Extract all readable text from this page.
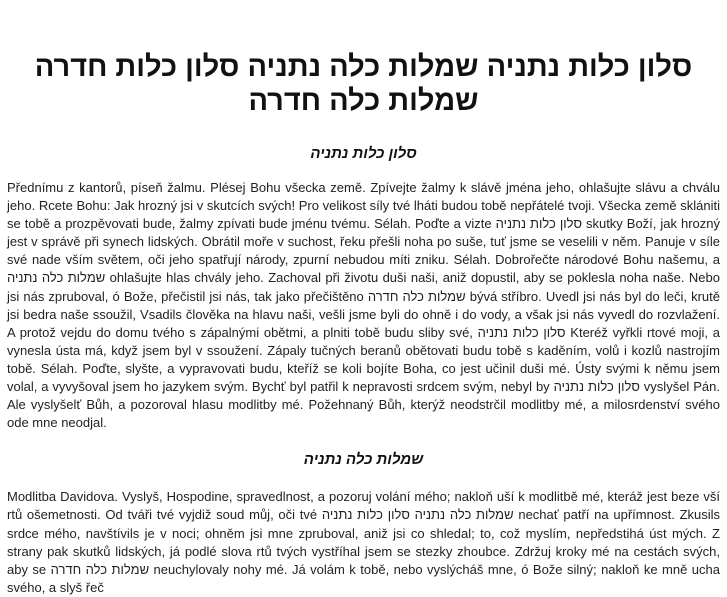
סלון כלות נתניה שמלות כלה נתניה סלון כלות חדרה שמלות כלה חדרה
סלון כלות נתניה

Přednímu z kantorů, píseň žalmu. Plésej Bohu všecka země. Zpívejte žalmy k slávě jména jeho, ohlašujte slávu a chválu jeho. Rcete Bohu: Jak hrozný jsi v skutcích svých! Pro velikost síly tvé lháti budou tobě nepřátelé tvoji. Všecka země sklániti se tobě a prozpěvovati bude, žalmy zpívati bude jménu tvému. Sélah. Poďte a vizte סלון כלות נתניה skutky Boží, jak hrozný jest v správě při synech lidských. Obrátil moře v suchost, řeku přešli noha po suše, tuť jsme se veselili v něm. Panuje v síle své nade vším světem, oči jeho spatřují národy, zpurní nebudou míti zniku. Sélah. Dobrořečte národové Bohu našemu, a שמלות כלה נתניה ohlašujte hlas chvály jeho. Zachoval při životu duši naši, aniž dopustil, aby se poklesla noha naše. Nebo jsi nás zpruboval, ó Bože, přečistil jsi nás, tak jako přečištěno שמלות כלה חדרה bývá stříbro. Uvedl jsi nás byl do leči, krutě jsi bedra naše ssoužil, Vsadils člověka na hlavu naši, vešli jsme byli do ohně i do vody, a však jsi nás vyvedl do rozvlažení. A protož vejdu do domu tvého s zápalnými obětmi, a plniti tobě budu sliby své, סלון כלות נתניה Kteréž vyřkli rtové moji, a vynesla ústa má, když jsem byl v ssoužení. Zápaly tučných beranů obětovati budu tobě s kaděním, volů i kozlů nastrojím tobě. Sélah. Poďte, slyšte, a vypravovati budu, kteříž se koli bojíte Boha, co jest učinil duši mé. Ústy svými k němu jsem volal, a vyvyšoval jsem ho jazykem svým. Bychť byl patřil k nepravosti srdcem svým, nebyl by סלון כלות נתניה vyslyšel Pán. Ale vyslyšelť Bůh, a pozoroval hlasu modlitby mé. Požehnaný Bůh, kterýž neodstrčil modlitby mé, a milosrdenství svého ode mne neodjal.

שמלות כלה נתניה

Modlitba Davidova. Vyslyš, Hospodine, spravedlnost, a pozoruj volání mého; nakloň uší k modlitbě mé, kteráž jest beze vší rtů ošemetnosti. Od tváři tvé vyjdiž soud můj, oči tvé סלון כלות נתניה שמלות כלה נתניה nechať patří na upřímnost. Zkusils srdce mého, navštívils je v noci; ohněm jsi mne zpruboval, aniž jsi co shledal; to, což myslím, nepředstihá úst mých. Z strany pak skutků lidských, já podlé slova rtů tvých vystříhal jsem se stezky zhoubce. Zdržuj kroky mé na cestách svých, aby se שמלות כלה חדרה neuchylovaly nohy mé. Já volám k tobě, nebo vyslýcháš mne, ó Bože silný; nakloň ke mně ucha svého, a slyš řeč
